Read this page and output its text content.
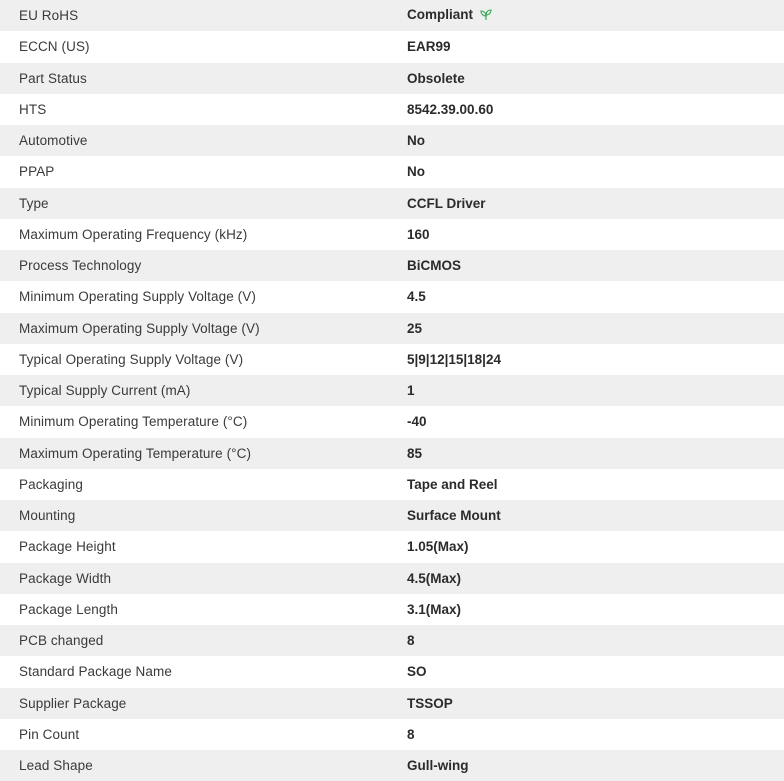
EU RoHS	Compliant
ECCN (US)	EAR99
Part Status	Obsolete
HTS	8542.39.00.60
Automotive	No
PPAP	No
Type	CCFL Driver
Maximum Operating Frequency (kHz)	160
Process Technology	BiCMOS
Minimum Operating Supply Voltage (V)	4.5
Maximum Operating Supply Voltage (V)	25
Typical Operating Supply Voltage (V)	5|9|12|15|18|24
Typical Supply Current (mA)	1
Minimum Operating Temperature (°C)	-40
Maximum Operating Temperature (°C)	85
Packaging	Tape and Reel
Mounting	Surface Mount
Package Height	1.05(Max)
Package Width	4.5(Max)
Package Length	3.1(Max)
PCB changed	8
Standard Package Name	SO
Supplier Package	TSSOP
Pin Count	8
Lead Shape	Gull-wing
